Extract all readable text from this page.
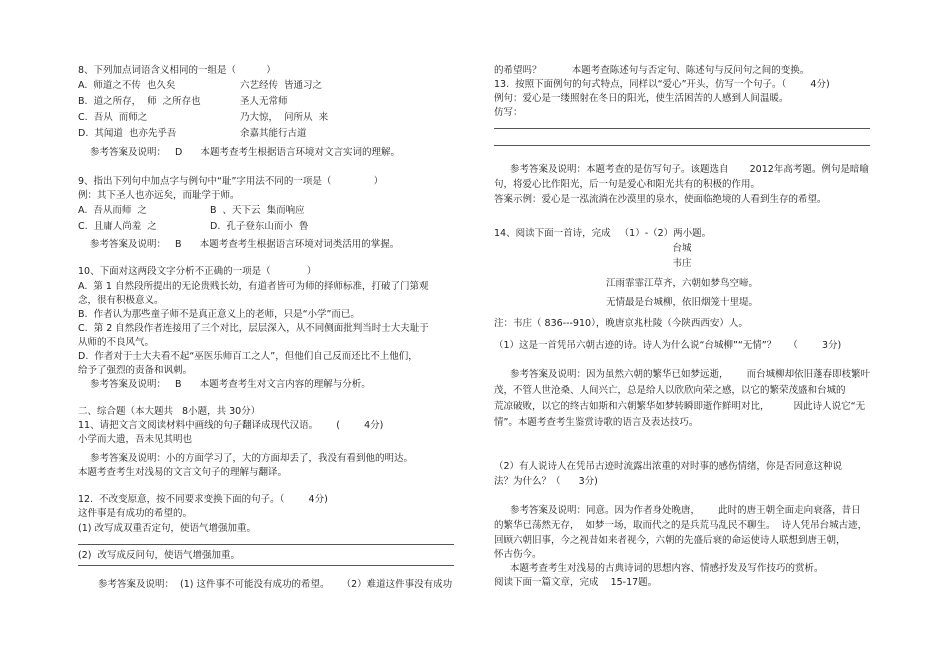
8、下列加点词语含义相同的一组是（          ）
A.  师道之不传  也久矣	六艺经传  皆通习之
B.  道之所存，  师  之所存也	圣人无常师
C.  吾从  而师之	乃大惊，  问所从  来
D.  其闻道  也亦先乎吾	余嘉其能行古道
参考答案及说明：   D      本题考查考生根据语言环境对文言实词的理解。
9、指出下列句中加点字与例句中“耻”字用法不同的一项是（              ）
例：其下圣人也亦远矣，而耻学于师。
A.  吾从而师  之	B  、天下云  集而响应
C.  且庸人尚羞  之	D.  孔子登东山而小  鲁
参考答案及说明：   B      本题考查考生根据语言环境对词类活用的掌握。
10、下面对这两段文字分析不正确的一项是（            ）
A.  第 1 自然段所提出的无论贵贱长幼，有道者皆可为师的择师标准，打破了门第观
念，很有积极意义。
B.  作者认为那些童子师不是真正意义上的老师，只是“小学”而已。
C.  第 2 自然段作者连接用了三个对比，层层深入，从不同侧面批判当时士大夫耻于
从师的不良风气。
D.  作者对于士大夫看不起“巫医乐师百工之人”，但他们自己反而还比不上他们，
给予了强烈的责备和讽刺。
参考答案及说明：   B      本题考查考生对文言内容的理解与分析。
二、综合题（本大题共   8小题，共 30分）
11、请把文言文阅读材料中画线的句子翻译成现代汉语。      (        4分)
小学而大遗，吾未见其明也
参考答案及说明：小的方面学习了，大的方面却丢了，我没有看到他的明达。
本题考查考生对浅易的文言文句子的理解与翻译。
12.  不改变原意，按不同要求变换下面的句子。（        4分)
这件事是有成功的希望的。
(1) 改写成双重否定句，使语气增强加重。
(2)  改写成反问句，使语气增强加重。
参考答案及说明：  (1) 这件事不可能没有成功的希望。    （2）难道这件事没有成功
的希望吗？          本题考查陈述句与否定句、陈述句与反问句之间的变换。
13.  按照下面例句的句式特点，同样以“爱心”开头，仿写一个句子。（        4分)
例句：爱心是一缕照射在冬日的阳光，使生活困苦的人感到人间温暖。
仿写：
参考答案及说明：本题考查的是仿写句子。该题选自       2012年高考题。例句是暗喻
句，将爱心比作阳光，后一句是爱心和阳光共有的积极的作用。
答案示例：爱心是一泓流淌在沙漠里的泉水，使面临绝境的人看到生存的希望。
14、阅读下面一首诗，完成   （1）-（2）两小题。
台城
韦庄
江雨霏霏江草齐，六朝如梦鸟空啼。
无情最是台城柳，依旧烟笼十里堤。
注：韦庄（ 836---910），晚唐京兆杜陵（今陕西西安）人。
（1）这是一首凭吊六朝古迹的诗。诗人为什么说“台城柳”“无情”？    （        3分)
参考答案及说明：因为虽然六朝的繁华已如梦远逝，      而台城柳却依旧蓬春即枝繁叶
茂，不管人世沧桑、人间兴亡，总是给人以欣欣向荣之感，以它的繁荣茂盛和台城的
荒凉破败，以它的终古如斯和六朝繁华如梦转瞬即逝作鲜明对比，        因此诗人说它“无
情”。本题考查考生鉴赏诗歌的语言及表达技巧。
（2）有人说诗人在凭吊古迹时流露出浓重的对时事的感伤情绪，你是否同意这种说
法？为什么？（      3分)
参考答案及说明：同意。因为作者身处晚唐，      此时的唐王朝全面走向衰落，昔日
的繁华已荡然无存，  如梦一场，取而代之的是兵荒马乱民不聊生。  诗人凭吊台城古迹，
回顾六朝旧事，今之视昔如来者视今，六朝的先盛后衰的命运使诗人联想到唐王朝，
怀古伤今。
本题考查考生对浅易的古典诗词的思想内容、情感抒发及写作技巧的赏析。
阅读下面一篇文章，完成    15-17题。
